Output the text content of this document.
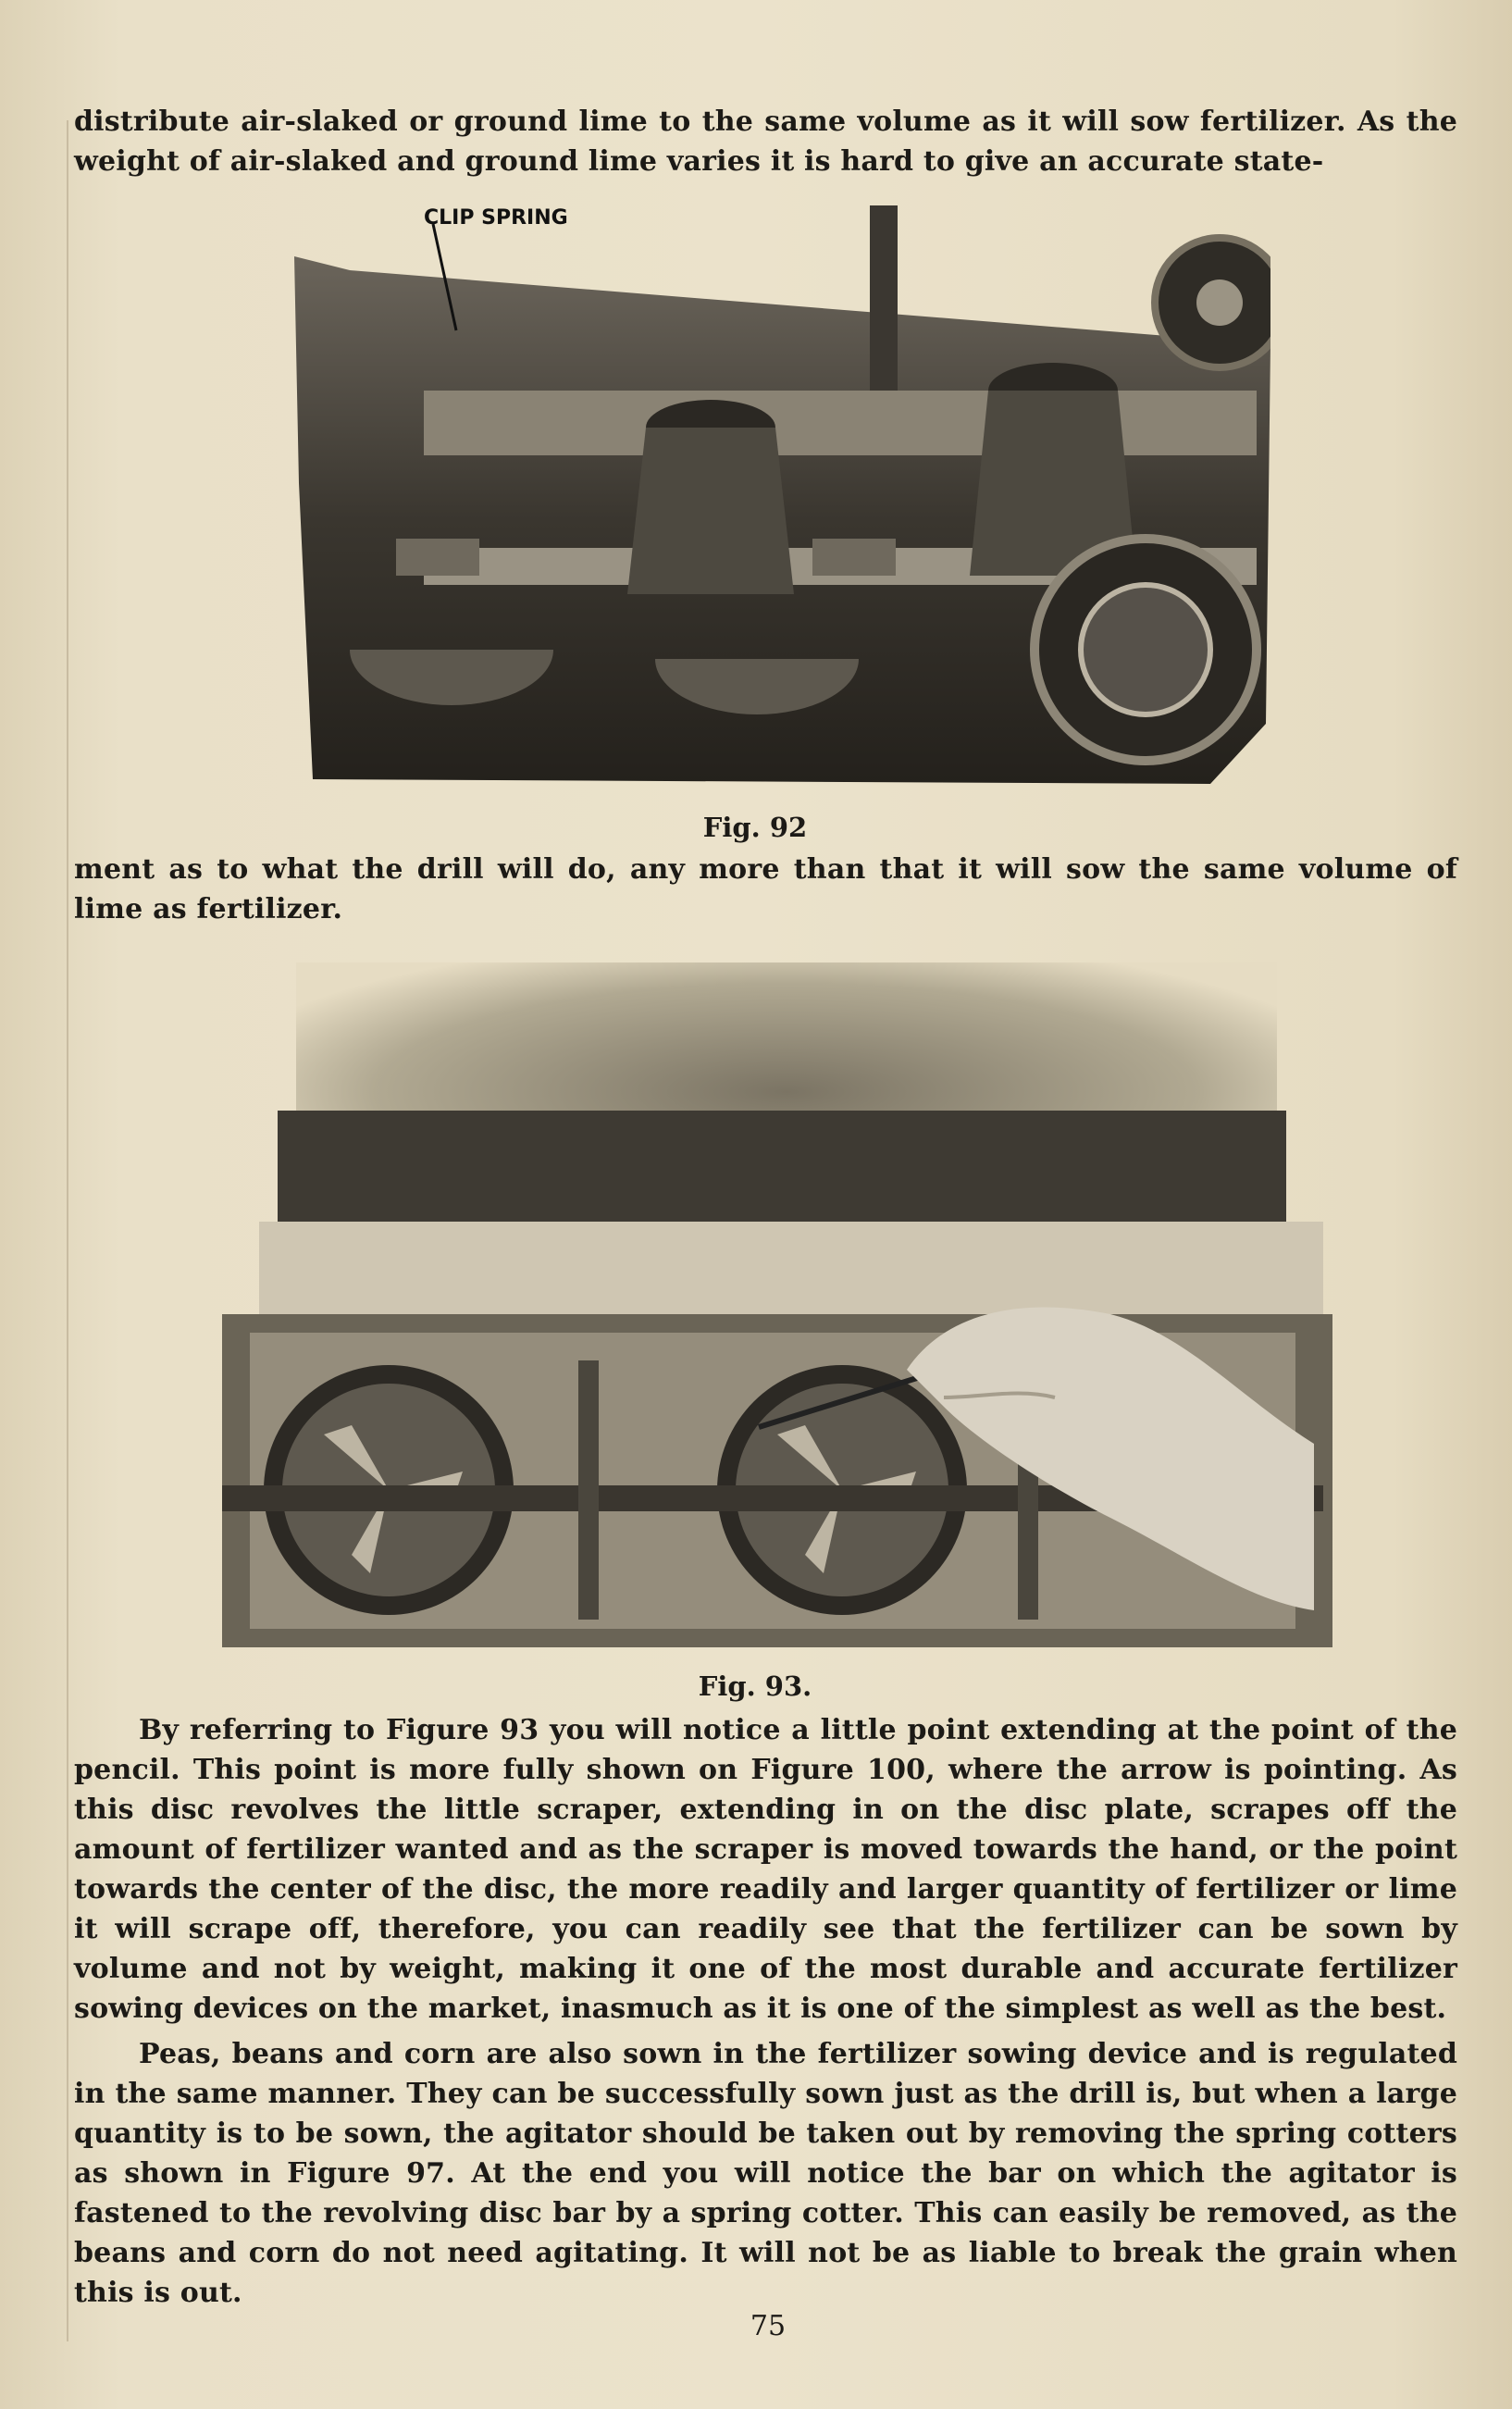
distribute air-slaked or ground lime to the same volume as it will sow fertilizer. As the weight of air-slaked and ground lime varies it is hard to give an accurate state-
CLIP SPRING
Fig. 92
ment as to what the drill will do, any more than that it will sow the same volume of lime as fertilizer.
Fig. 93.
By referring to Figure 93 you will notice a little point extending at the point of the pencil. This point is more fully shown on Figure 100, where the arrow is pointing. As this disc revolves the little scraper, extending in on the disc plate, scrapes off the amount of fertilizer wanted and as the scraper is moved towards the hand, or the point towards the center of the disc, the more readily and larger quantity of fertilizer or lime it will scrape off, therefore, you can readily see that the fertilizer can be sown by volume and not by weight, making it one of the most durable and accurate fertilizer sowing devices on the market, inasmuch as it is one of the simplest as well as the best.
Peas, beans and corn are also sown in the fertilizer sowing device and is regulated in the same manner. They can be successfully sown just as the drill is, but when a large quantity is to be sown, the agitator should be taken out by removing the spring cotters as shown in Figure 97. At the end you will notice the bar on which the agitator is fastened to the revolving disc bar by a spring cotter. This can easily be removed, as the beans and corn do not need agitating. It will not be as liable to break the grain when this is out.
75
